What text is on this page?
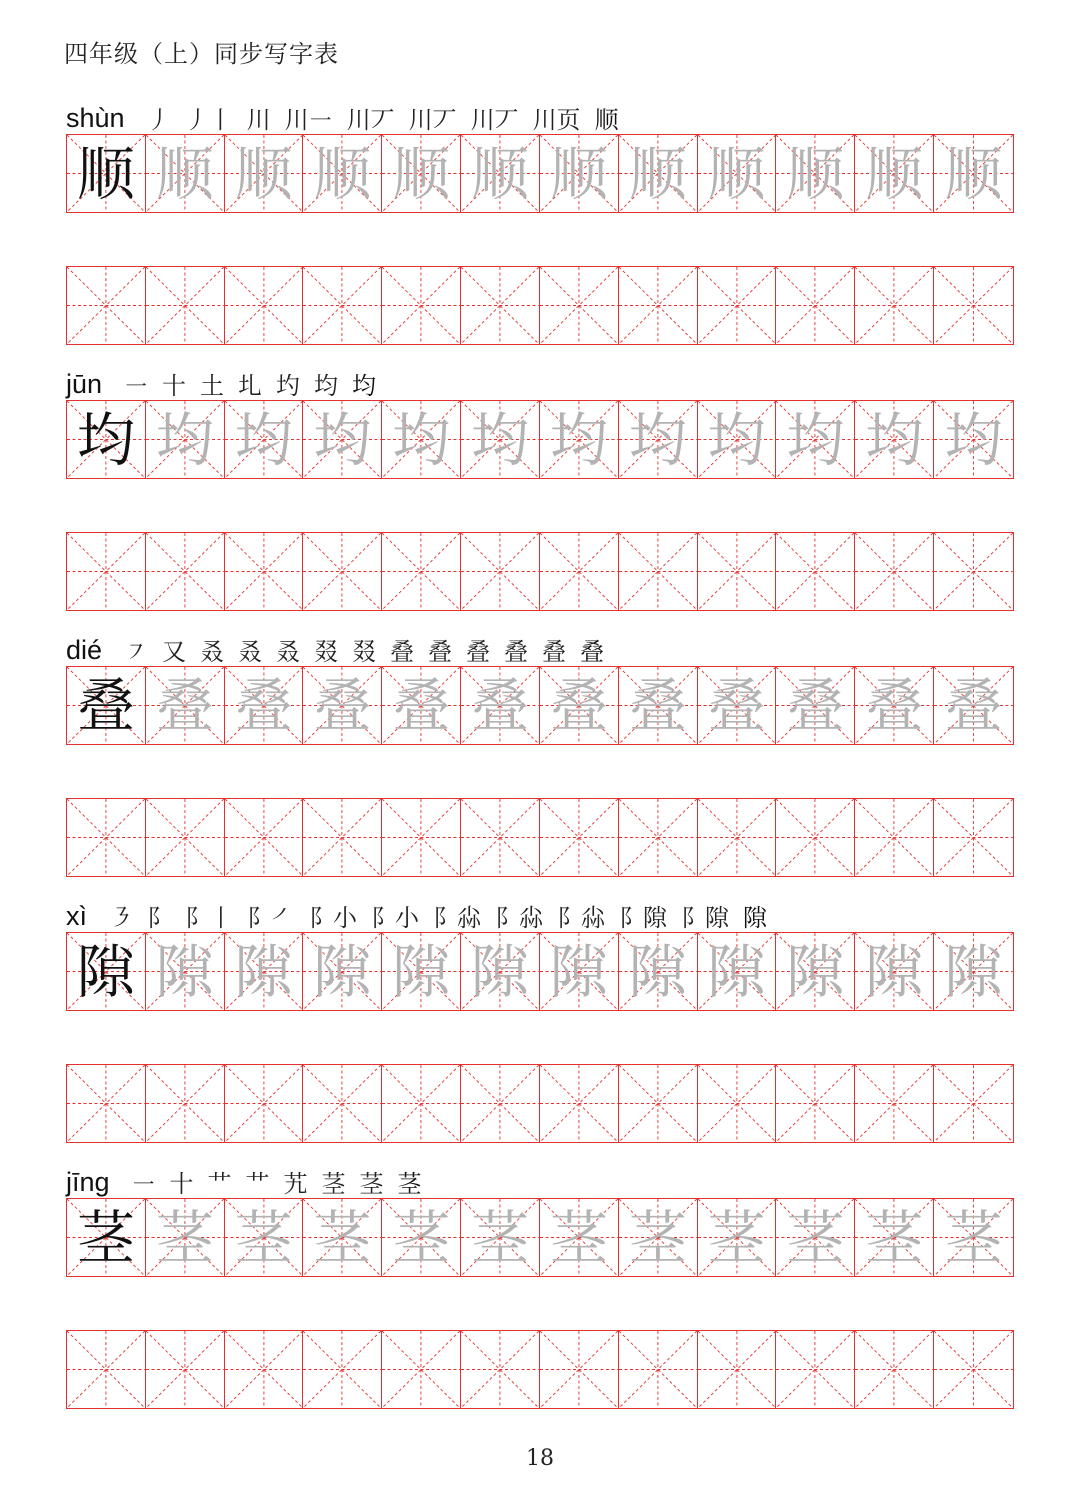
四年级（上）同步写字表
shùn 丿 丿丨 川 川㇐ 川丆 川丆 川丆 川页 顺
顺 顺 顺 顺 顺 顺 顺 顺 顺 顺 顺 顺
jūn ㇐ 十 土 圠 圴 均 均
均 均 均 均 均 均 均 均 均 均 均 均
dié ㇇ 又 叒 叒 叒 叕 叕 叠 叠 叠 叠 叠 叠
叠 叠 叠 叠 叠 叠 叠 叠 叠 叠 叠 叠
xì ㇋ 阝 阝丨 阝㇒ 阝小 阝小 阝尛 阝尛 阝尛 阝隙 阝隙 隙
隙 隙 隙 隙 隙 隙 隙 隙 隙 隙 隙 隙
jīng ㇐ 十 艹 艹 艽 茎 茎 茎
茎 茎 茎 茎 茎 茎 茎 茎 茎 茎 茎 茎
18
